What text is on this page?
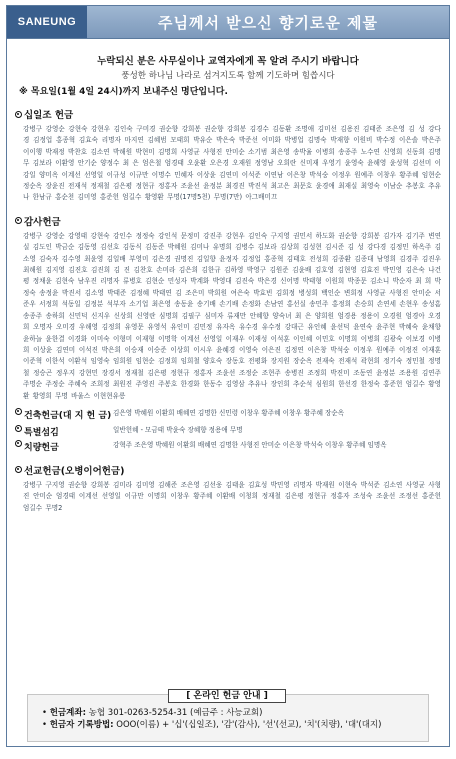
SANEUNG	주님께서 받으신 향기로운 제물
누락되신 분은 사무실이나 교역자에게 꼭 알려 주시기 바랍니다
풍성한 하나님 나라로 섬겨지도록 함께 기도하며 힘씁시다
※ 목요일(1월 4일 24시)까지 보내주신 명단입니다.
십일조 헌금
강병구 강영순 강현숙 강현우 김인숙 구미경 권순향 강희봉 권순향 강희봉 김경수 김동환 조명애 김미선 김용진 김태준 조은영 김 성 강다경 김정업 홍종혁 김효숙 리명자 마지연 김혜범 모태희 박유순 박은숙 박준선 이미화 박병업 김명숙 박재향 이원비 박수정 이은솔 박은주 이이행 박재정 박찬호 김소연 박해원 박현미 김명희 사영균 사형진 안미순 소기범 최은영 송박율 이병희 송종주 노수연 신영희 신동희 김명무 김보라 이환영 안기순 양정수 최 은 엄은철 엄경태 오윤환 오은경 오재원 정영남 오희란 신미재 우영기 윤영숙 윤해영 윤성혁 김선미 이강일 양미옥 이계선 선영일 이규성 이규만 이명수 민혜자 이상윤 김연미 이석준 이연남 이은창 박석숭 이정우 원예주 이창우 황주혜 임현순 정순옥 장윤진 전재석 정재철 김은평 정현규 정홍자 조윤선 윤정분 최경진 박진석 최고은 최문호 윤경애 최재실 최영숙 이남순 추봉호 추유나 한남규 홍순천 김미영 홍준헌 엄길수 황영환 무명(17명5천) 무명(7만) 아그배미끄
감사헌금
강병구 강영순 강영태 강현숙 강인수 정정숙 강인석 문정미 강진주 강현우 김인숙 구지영 권민서 하도화 권순향 강희봉 김가자 김기주 변연실 김도인 박금순 김동영 김선호 김동식 김동준 박혜원 김미나 유명희 김병수 김보라 김상희 김성현 김시준 김 성 강다경 김정민 하옥주 김소영 김숙자 김수영 최윤영 김일배 부영미 김은경 권명진 김일향 윤정자 김정업 홍종혁 김태호 전성희 김종환 김종대 남영희 김경주 김진우 최해원 김지영 김진호 김진희 김 진 김찬호 손미라 김은희 김한규 김하영 박영구 김원준 김윤배 김호영 김현영 김효진 박민영 김은숙 나건평 정채윤 김현숙 남우진 리명자 류병호 김현순 민성자 박계화 박영대 김진숙 박은경 신어명 박태형 이원희 박종문 김소니 박순자 최 희 박정숙 송정윤 박진서 김소영 박태준 김정혜 박태연 김 조은미 박희원 여은숙 박효빈 김희정 병성희 백인순 변희정 사영균 사형진 안미순 서준우 서정희 석동일 김정분 석부자 소기업 최은영 송동윤 송기배 손기배 손정화 손남연 홍선실 송민주 홍정희 손승희 손연세 손현우 송성흠 송종주 송하희 신민덕 신지우 신상희 신영란 심명희 김필구 심미자 류재만 안혜향 양숙녀 최 은 양희원 엄경용 정용이 오경원 엄경아 오경희 오명자 오미경 우해영 김정희 유영문 유영석 유인미 김민정 유자옥 유수경 유수정 강대근 유인혜 윤선덕 윤연숙 윤주현 박혜숙 윤채향 윤하늘 윤한결 이경화 이미숙 이형미 이재형 이명학 이계선 선영일 이재우 이재성 이석훈 이인혜 이민호 이명희 이병희 김광숙 이보경 이병희 이상윤 김연미 이석진 박은희 이승재 이승준 이상희 이시우 윤혜경 이영숙 이은진 김정연 이은창 박석숭 이정우 원예주 이정진 이재훈 이준혁 이한석 이환석 임영숙 임희원 임현순 김정희 임희철 양호숙 장동호 전평화 장지원 장순옥 전재숙 전재석 곽현희 정기숙 정민철 정명철 정승곤 정우지 강현민 장경서 정재철 김은평 정현규 정홍자 조윤선 조정순 조현주 송병진 조정희 박진미 조동연 윤정분 조용원 김연주 주명순 주정순 주혜숙 조희정 최원진 주영진 주봉호 한경화 한동수 김영삼 추유나 장인희 추순석 심원희 한선경 한정숙 홍준헌 엄길수 황영환 황영희 무명 바울스 이현현유릉
건축헌금(대 지 헌 금) 김은영 박혜원 이환희 배혜연 김명한 신민령 이창우 황주혜 이창우 황주혜 장순옥
특별섬김	일반헌혜 - 모금태 박윤숙 장혜향 정용애 무명
치량헌금	강혁주 조은영 박혜원 이환희 배혜연 김명한 사형진 안미순 이은창 박석숙 이창우 황주혜 임명옥
선교헌금(오병이어헌금)
강병구 구지영 권순향 강희봉 김미라 김미영 김해준 조은영 김선웅 김태윤 김효성 박민영 리명자 박재원 이현숙 박석준 김소연 사영균 사형진 안미순 엄경태 이계선 선영일 이규만 이명희 이창우 황주혜 이환배 이청희 정재철 김은평 정현규 정홍자 조성숙 조윤선 조정선 홍준헌 엄길수 무명2
[ 온라인 헌금 안내 ]
• 헌금계좌: 농협 301-0263-5254-31 (예금주 : 사능교회)
• 헌금자 기록방법: OOO(이름) + '십'(십일조), '감'(감사), '선'(선교), '치'(치량), '대'(대지)
